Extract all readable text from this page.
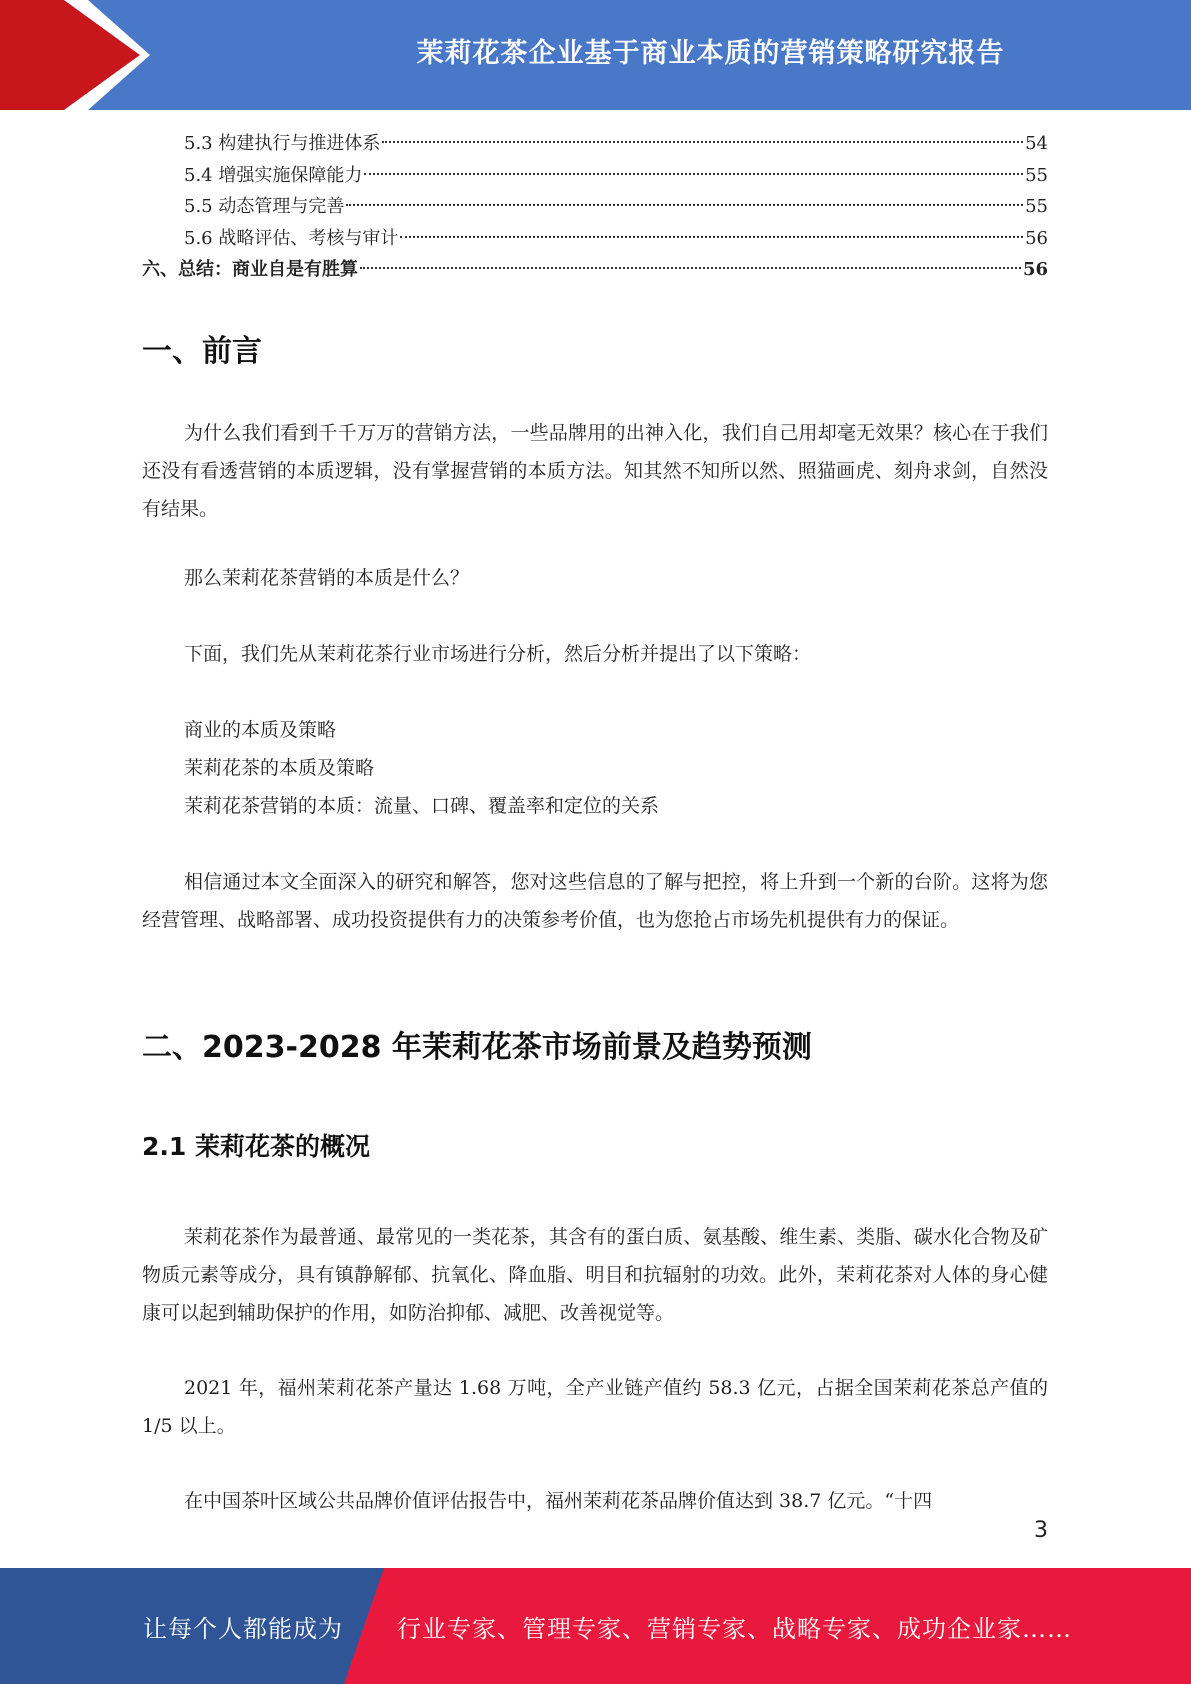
茉莉花茶企业基于商业本质的营销策略研究报告
5.3 构建执行与推进体系	54
5.4 增强实施保障能力	55
5.5 动态管理与完善	55
5.6 战略评估、考核与审计	56
六、总结：商业自是有胜算	56
一、前言

为什么我们看到千千万万的营销方法，一些品牌用的出神入化，我们自己用却毫无效果？核心在于我们还没有看透营销的本质逻辑，没有掌握营销的本质方法。知其然不知所以然、照猫画虎、刻舟求剑，自然没有结果。

那么茉莉花茶营销的本质是什么？

下面，我们先从茉莉花茶行业市场进行分析，然后分析并提出了以下策略：

商业的本质及策略
茉莉花茶的本质及策略
茉莉花茶营销的本质：流量、口碑、覆盖率和定位的关系

相信通过本文全面深入的研究和解答，您对这些信息的了解与把控，将上升到一个新的台阶。这将为您经营管理、战略部署、成功投资提供有力的决策参考价值，也为您抢占市场先机提供有力的保证。

二、2023-2028 年茉莉花茶市场前景及趋势预测
2.1 茉莉花茶的概况

茉莉花茶作为最普通、最常见的一类花茶，其含有的蛋白质、氨基酸、维生素、类脂、碳水化合物及矿物质元素等成分，具有镇静解郁、抗氧化、降血脂、明目和抗辐射的功效。此外，茉莉花茶对人体的身心健康可以起到辅助保护的作用，如防治抑郁、减肥、改善视觉等。

2021 年，福州茉莉花茶产量达 1.68 万吨，全产业链产值约 58.3 亿元，占据全国茉莉花茶总产值的 1/5 以上。

在中国茶叶区域公共品牌价值评估报告中，福州茉莉花茶品牌价值达到 38.7 亿元。“十四

3
让每个人都能成为 行业专家、管理专家、营销专家、战略专家、成功企业家……
